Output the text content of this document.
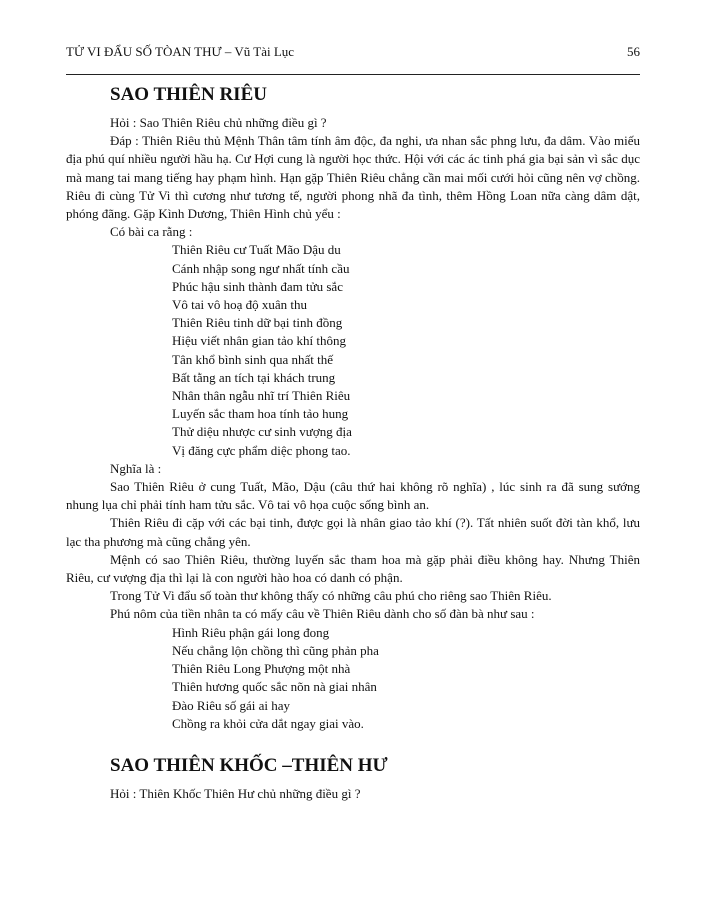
TỬ VI ĐẨU SỐ TÒAN THƯ – Vũ Tài Lục	56
SAO THIÊN RIÊU

Hỏi : Sao Thiên Riêu chủ những điều gì ?

Đáp : Thiên Riêu thủ Mệnh Thân tâm tính âm độc, đa nghi, ưa nhan sắc phng lưu, đa dâm. Vào miếu địa phú quí nhiều người hầu hạ. Cư Hợi cung là người học thức. Hội với các ác tinh phá gia bại sản vì sắc dục mà mang tai mang tiếng hay phạm hình. Hạn gặp Thiên Riêu chẳng cần mai mối cưới hỏi cũng nên vợ chồng. Riêu đi cùng Tử Vi thì cương như tương tế, người phong nhã đa tình, thêm Hồng Loan nữa càng dâm dật, phóng đãng. Gặp Kình Dương, Thiên Hình chủ yểu :

Có bài ca rằng :

Thiên Riêu cư Tuất Mão Dậu du

Cánh nhập song ngư nhất tính cầu

Phúc hậu sinh thành đam tửu sắc

Vô tai vô hoạ độ xuân thu

Thiên Riêu tinh dữ bại tinh đồng

Hiệu viết nhân gian tảo khí thông

Tân khổ bình sinh qua nhất thế

Bất tằng an tích tại khách trung

Nhân thân ngẫu nhĩ trí Thiên Riêu

Luyến sắc tham hoa tính tảo hung

Thử diệu nhược cư sinh vượng địa

Vị đăng cực phẩm diệc phong tao.

Nghĩa là :

Sao Thiên Riêu ở cung Tuất, Mão, Dậu (câu thứ hai không rõ nghĩa) , lúc sinh ra đã sung sướng nhung lụa chỉ phải tính ham tửu sắc. Vô tai vô họa cuộc sống bình an.

Thiên Riêu đi cặp với các bại tinh, được gọi là nhân giao tảo khí (?). Tất nhiên suốt đời tàn khổ, lưu lạc tha phương mà cũng chẳng yên.

Mệnh có sao Thiên Riêu, thường luyến sắc tham hoa mà gặp phải điều không hay. Nhưng Thiên Riêu, cư vượng địa thì lại là con người hào hoa có danh có phận.

Trong Tử Vi đẩu số toàn thư không thấy có những câu phú cho riêng sao Thiên Riêu.

Phú nôm của tiền nhân ta có mấy câu về Thiên Riêu dành cho số đàn bà như sau :

Hình Riêu phận gái long đong

Nếu chẳng lộn chồng thì cũng phản pha

Thiên Riêu Long Phượng một nhà

Thiên hương quốc sắc nõn nà giai nhân

Đào Riêu số gái ai hay

Chồng ra khỏi cửa dắt ngay giai vào.

SAO THIÊN KHỐC –THIÊN HƯ

Hỏi : Thiên Khốc Thiên Hư chủ những điều gì ?
